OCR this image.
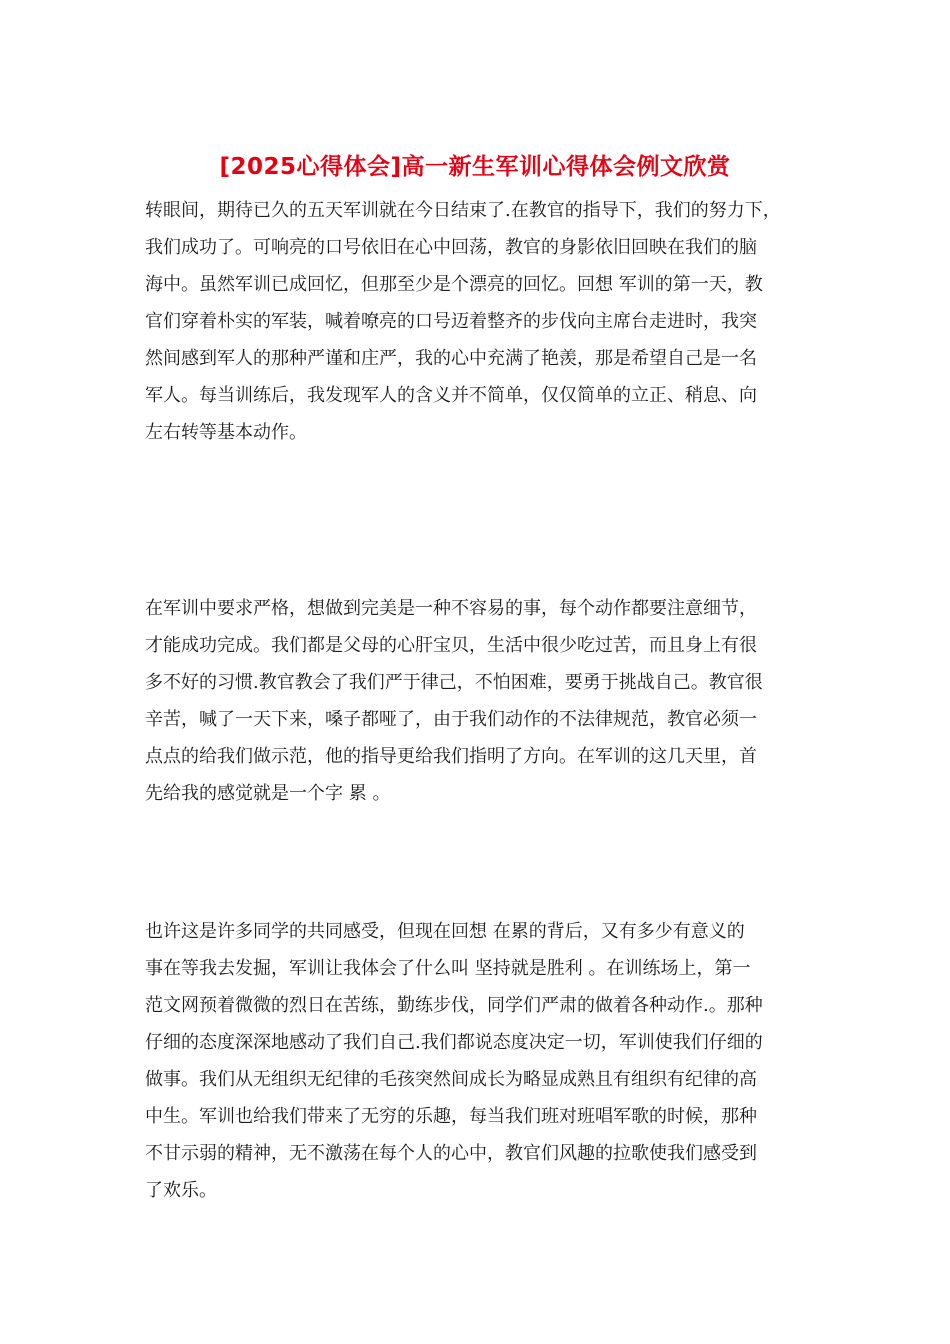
[2025心得体会]高一新生军训心得体会例文欣赏

转眼间，期待已久的五天军训就在今日结束了.在教官的指导下，我们的努力下，
我们成功了。可响亮的口号依旧在心中回荡，教官的身影依旧回映在我们的脑
海中。虽然军训已成回忆，但那至少是个漂亮的回忆。回想 军训的第一天，教
官们穿着朴实的军装，喊着嘹亮的口号迈着整齐的步伐向主席台走进时，我突
然间感到军人的那种严谨和庄严，我的心中充满了艳羡，那是希望自己是一名
军人。每当训练后，我发现军人的含义并不简单，仅仅简单的立正、稍息、向
左右转等基本动作。

在军训中要求严格，想做到完美是一种不容易的事，每个动作都要注意细节，
才能成功完成。我们都是父母的心肝宝贝，生活中很少吃过苦，而且身上有很
多不好的习惯.教官教会了我们严于律己，不怕困难，要勇于挑战自己。教官很
辛苦，喊了一天下来，嗓子都哑了，由于我们动作的不法律规范，教官必须一
点点的给我们做示范，他的指导更给我们指明了方向。在军训的这几天里，首
先给我的感觉就是一个字 累 。

也许这是许多同学的共同感受，但现在回想 在累的背后，又有多少有意义的
事在等我去发掘，军训让我体会了什么叫 坚持就是胜利 。在训练场上，第一
范文网预着微微的烈日在苦练，勤练步伐，同学们严肃的做着各种动作.。那种
仔细的态度深深地感动了我们自己.我们都说态度决定一切，军训使我们仔细的
做事。我们从无组织无纪律的毛孩突然间成长为略显成熟且有组织有纪律的高
中生。军训也给我们带来了无穷的乐趣，每当我们班对班唱军歌的时候，那种
不甘示弱的精神，无不激荡在每个人的心中，教官们风趣的拉歌使我们感受到
了欢乐。
